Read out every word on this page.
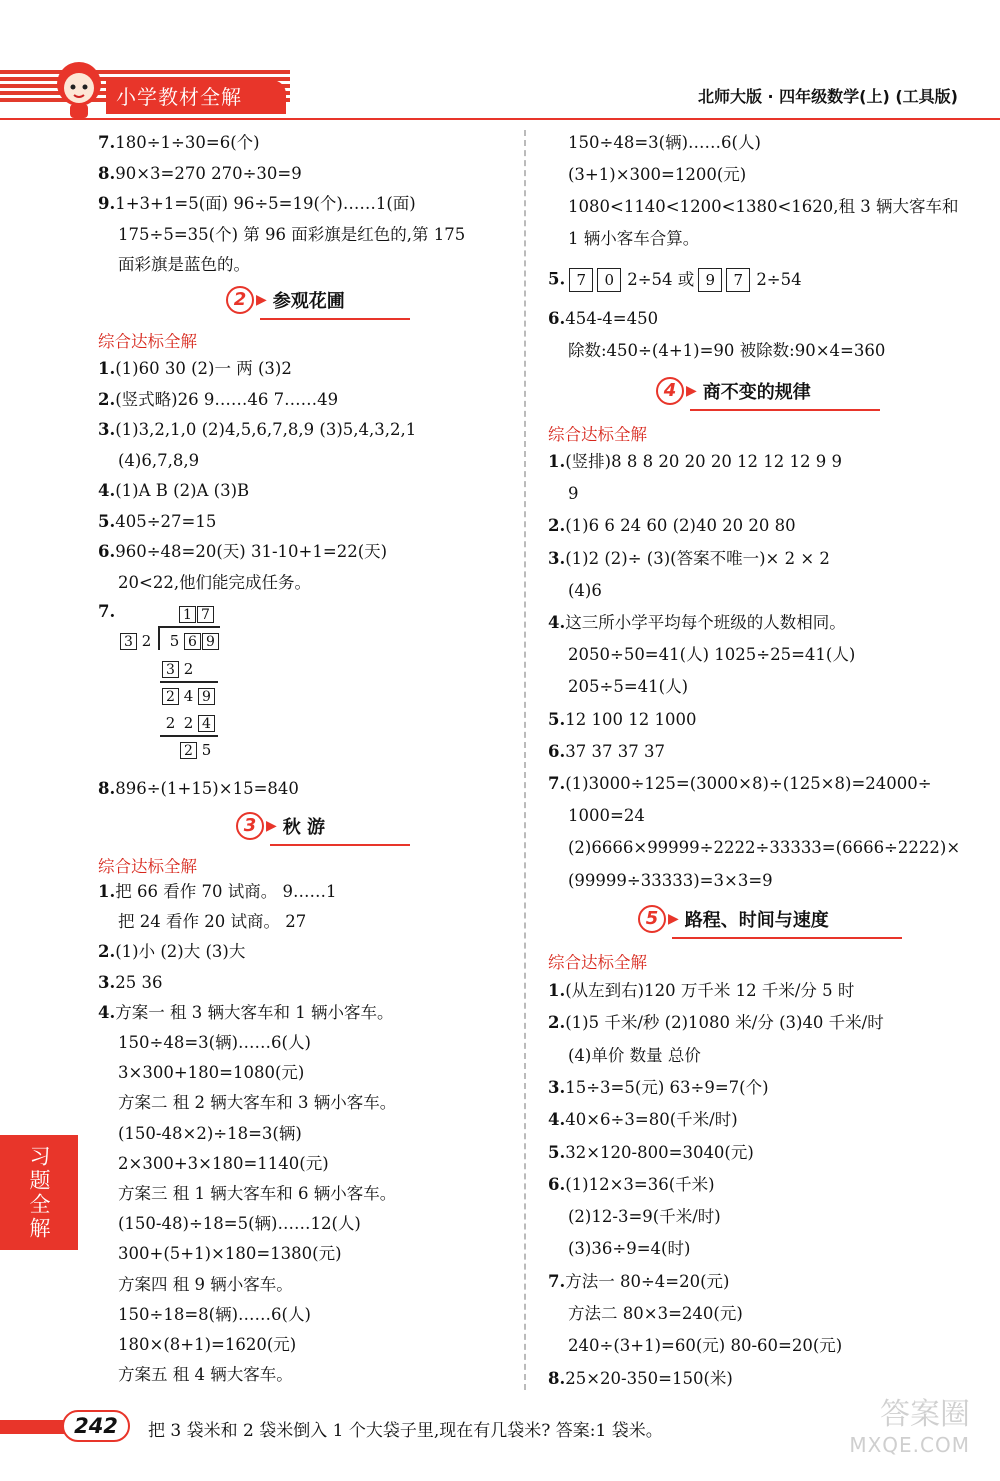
小学教材全解	北师大版 · 四年级数学(上) (工具版)
习题全解
242	把 3 袋米和 2 袋米倒入 1 个大袋子里,现在有几袋米? 答案:1 袋米。	答案圈
MXQE.COM
7.180÷1÷30=6(个)
8.90×3=270 270÷30=9
9.1+3+1=5(面) 96÷5=19(个)……1(面)
175÷5=35(个) 第 96 面彩旗是红色的,第 175
面彩旗是蓝色的。
2 ▶ 参观花圃
综合达标全解
1.(1)60 30 (2)一 两 (3)2
2.(竖式略)26 9……46 7……49
3.(1)3,2,1,0 (2)4,5,6,7,8,9 (3)5,4,3,2,1
(4)6,7,8,9
4.(1)A B (2)A (3)B
5.405÷27=15
6.960÷48=20(天) 31-10+1=22(天)
20<22,他们能完成任务。
7.	1 7
3 2 5 6 9
3 2
2 4 9
2 2 4
2 5
8.896÷(1+15)×15=840
3 ▶ 秋 游
综合达标全解
1.把 66 看作 70 试商。 9……1
把 24 看作 20 试商。 27
2.(1)小 (2)大 (3)大
3.25 36
4.方案一 租 3 辆大客车和 1 辆小客车。
150÷48=3(辆)……6(人)
3×300+180=1080(元)
方案二 租 2 辆大客车和 3 辆小客车。
(150-48×2)÷18=3(辆)
2×300+3×180=1140(元)
方案三 租 1 辆大客车和 6 辆小客车。
(150-48)÷18=5(辆)……12(人)
300+(5+1)×180=1380(元)
方案四 租 9 辆小客车。
150÷18=8(辆)……6(人)
180×(8+1)=1620(元)
方案五 租 4 辆大客车。
150÷48=3(辆)……6(人)
(3+1)×300=1200(元)
1080<1140<1200<1380<1620,租 3 辆大客车和
1 辆小客车合算。
5. 7 0 2÷54 或 9 7 2÷54
6.454-4=450
除数:450÷(4+1)=90 被除数:90×4=360
4 ▶ 商不变的规律
综合达标全解
1.(竖排)8 8 8 20 20 20 12 12 12 9 9
9
2.(1)6 6 24 60 (2)40 20 20 80
3.(1)2 (2)÷ (3)(答案不唯一)× 2 × 2
(4)6
4.这三所小学平均每个班级的人数相同。
2050÷50=41(人) 1025÷25=41(人)
205÷5=41(人)
5.12 100 12 1000
6.37 37 37 37
7.(1)3000÷125=(3000×8)÷(125×8)=24000÷
1000=24
(2)6666×99999÷2222÷33333=(6666÷2222)×
(99999÷33333)=3×3=9
5 ▶ 路程、时间与速度
综合达标全解
1.(从左到右)120 万千米 12 千米/分 5 时
2.(1)5 千米/秒 (2)1080 米/分 (3)40 千米/时
(4)单价 数量 总价
3.15÷3=5(元) 63÷9=7(个)
4.40×6÷3=80(千米/时)
5.32×120-800=3040(元)
6.(1)12×3=36(千米)
(2)12-3=9(千米/时)
(3)36÷9=4(时)
7.方法一 80÷4=20(元)
方法二 80×3=240(元)
240÷(3+1)=60(元) 80-60=20(元)
8.25×20-350=150(米)
